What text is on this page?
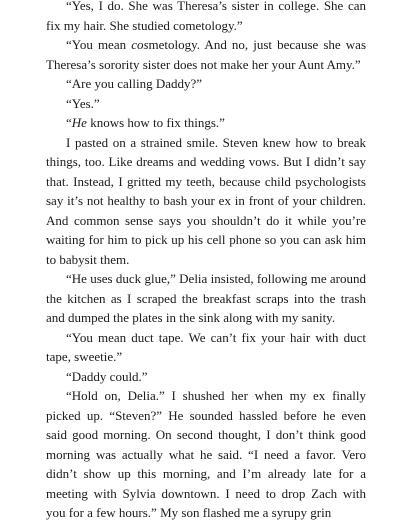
“Yes, I do. She was Theresa’s sister in college. She can fix my hair. She studied cometology.”

“You mean cosmetology. And no, just because she was Theresa’s sorority sister does not make her your Aunt Amy.”

“Are you calling Daddy?”

“Yes.”

“He knows how to fix things.”

I pasted on a strained smile. Steven knew how to break things, too. Like dreams and wedding vows. But I didn’t say that. Instead, I gritted my teeth, because child psychologists say it’s not healthy to bash your ex in front of your children. And common sense says you shouldn’t do it while you’re waiting for him to pick up his cell phone so you can ask him to babysit them.

“He uses duck glue,” Delia insisted, following me around the kitchen as I scraped the breakfast scraps into the trash and dumped the plates in the sink along with my sanity.

“You mean duct tape. We can’t fix your hair with duct tape, sweetie.”

“Daddy could.”

“Hold on, Delia.” I shushed her when my ex finally picked up. “Steven?” He sounded hassled before he even said good morning. On second thought, I don’t think good morning was actually what he said. “I need a favor. Vero didn’t show up this morning, and I’m already late for a meeting with Sylvia downtown. I need to drop Zach with you for a few hours.” My son flashed me a syrupy grin
